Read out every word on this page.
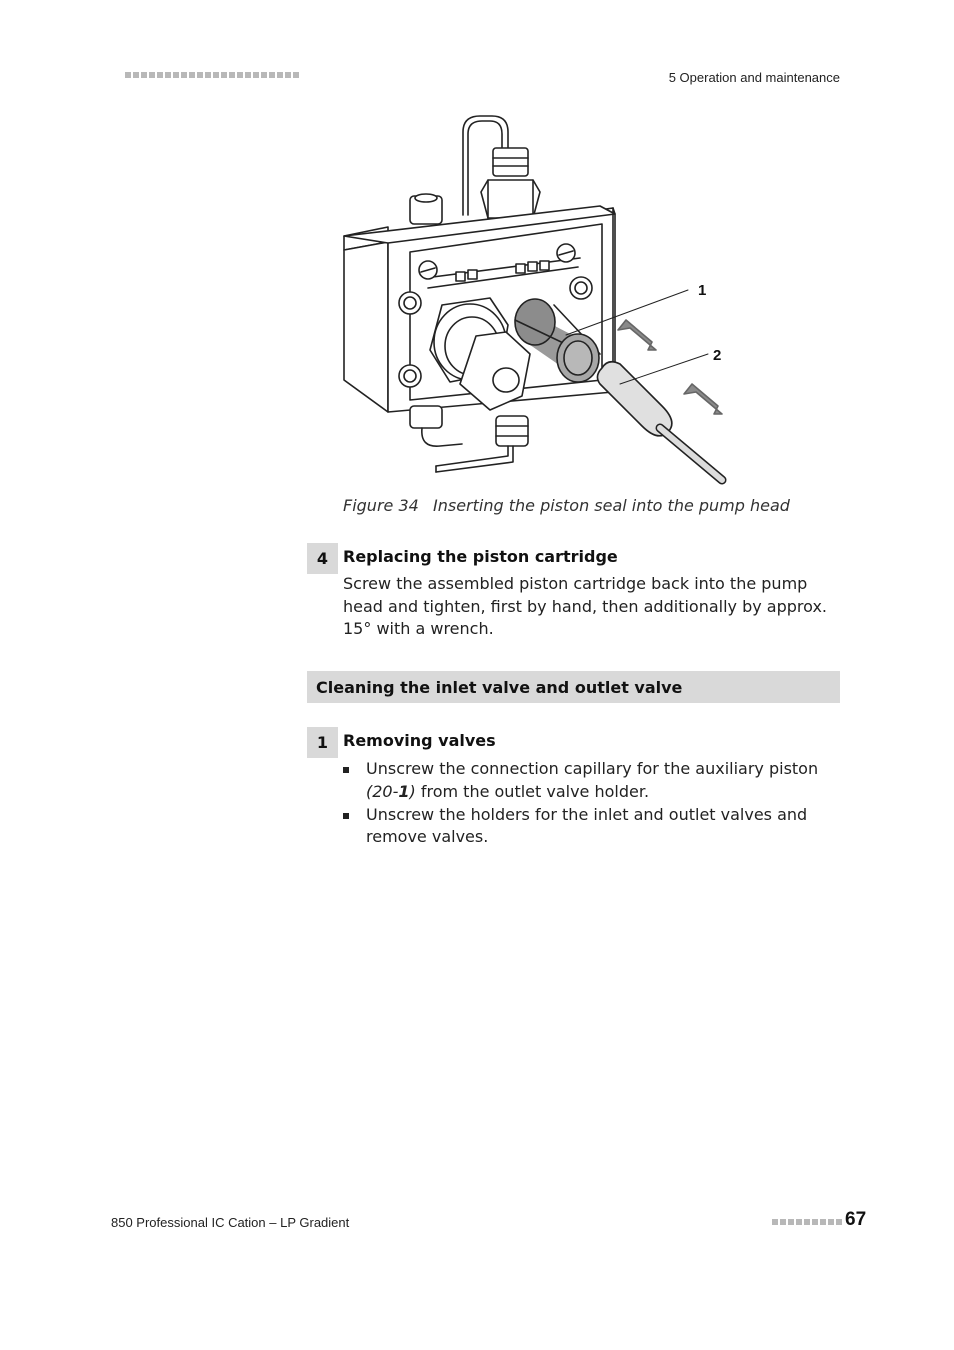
5 Operation and maintenance
1
2
Figure 34 Inserting the piston seal into the pump head
4 Replacing the piston cartridge
Screw the assembled piston cartridge back into the pump head and tighten, first by hand, then additionally by approx. 15° with a wrench.
Cleaning the inlet valve and outlet valve
1 Removing valves
Unscrew the connection capillary for the auxiliary piston (20-1) from the outlet valve holder.
Unscrew the holders for the inlet and outlet valves and remove valves.
850 Professional IC Cation – LP Gradient	67
